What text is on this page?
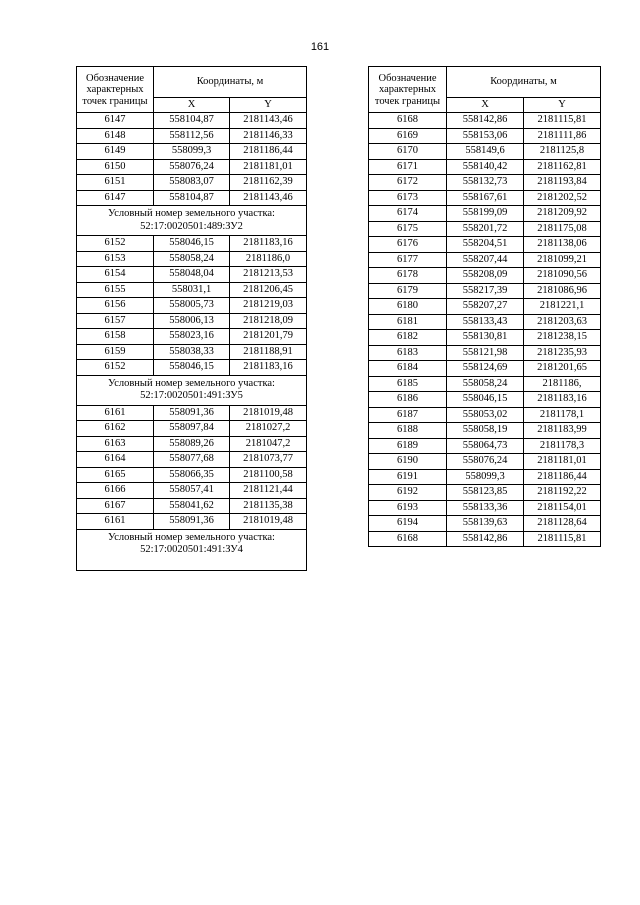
161
Обозначение характерных точек границы	Координаты, м	
	X	Y
6147	558104,87	2181143,46
6148	558112,56	2181146,33
6149	558099,3	2181186,44
6150	558076,24	2181181,01
6151	558083,07	2181162,39
6147	558104,87	2181143,46
Условный номер земельного участка: 52:17:0020501:489:ЗУ2		
6152	558046,15	2181183,16
6153	558058,24	2181186,0
6154	558048,04	2181213,53
6155	558031,1	2181206,45
6156	558005,73	2181219,03
6157	558006,13	2181218,09
6158	558023,16	2181201,79
6159	558038,33	2181188,91
6152	558046,15	2181183,16
Условный номер земельного участка: 52:17:0020501:491:ЗУ5		
6161	558091,36	2181019,48
6162	558097,84	2181027,2
6163	558089,26	2181047,2
6164	558077,68	2181073,77
6165	558066,35	2181100,58
6166	558057,41	2181121,44
6167	558041,62	2181135,38
6161	558091,36	2181019,48
Условный номер земельного участка: 52:17:0020501:491:ЗУ4		
Обозначение характерных точек границы	Координаты, м	
	X	Y
6168	558142,86	2181115,81
6169	558153,06	2181111,86
6170	558149,6	2181125,8
6171	558140,42	2181162,81
6172	558132,73	2181193,84
6173	558167,61	2181202,52
6174	558199,09	2181209,92
6175	558201,72	2181175,08
6176	558204,51	2181138,06
6177	558207,44	2181099,21
6178	558208,09	2181090,56
6179	558217,39	2181086,96
6180	558207,27	2181221,1
6181	558133,43	2181203,63
6182	558130,81	2181238,15
6183	558121,98	2181235,93
6184	558124,69	2181201,65
6185	558058,24	2181186,
6186	558046,15	2181183,16
6187	558053,02	2181178,1
6188	558058,19	2181183,99
6189	558064,73	2181178,3
6190	558076,24	2181181,01
6191	558099,3	2181186,44
6192	558123,85	2181192,22
6193	558133,36	2181154,01
6194	558139,63	2181128,64
6168	558142,86	2181115,81
